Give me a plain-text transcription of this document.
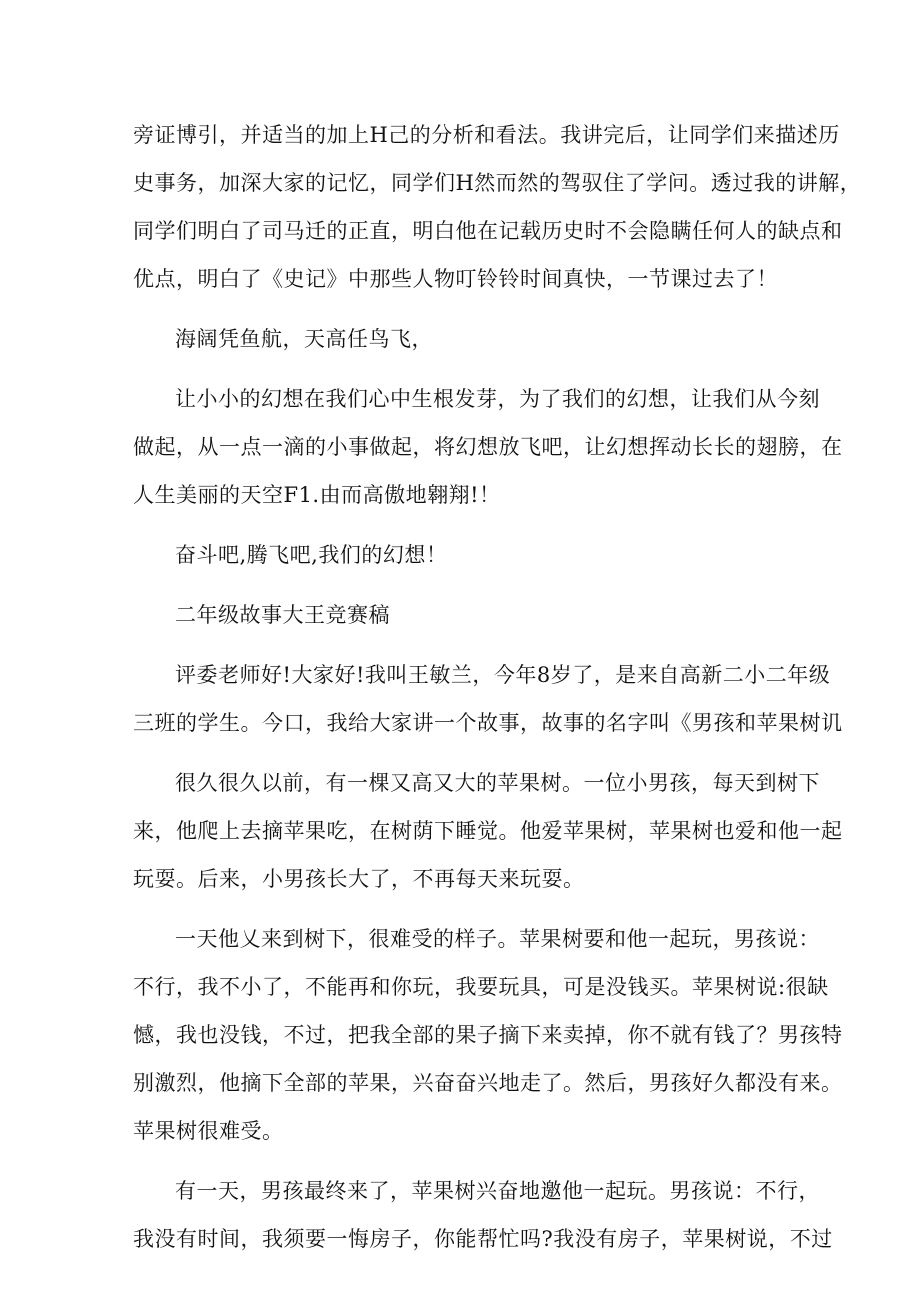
旁证博引，并适当的加上H己的分析和看法。我讲完后，让同学们来描述历
史事务，加深大家的记忆，同学们H然而然的驾驭住了学问。透过我的讲解，
同学们明白了司马迁的正直，明白他在记载历史时不会隐瞒任何人的缺点和
优点，明白了《史记》中那些人物叮铃铃时间真快，一节课过去了！
海阔凭鱼航，天高任鸟飞，
让小小的幻想在我们心中生根发芽，为了我们的幻想，让我们从今刻
做起，从一点一滴的小事做起，将幻想放飞吧，让幻想挥动长长的翅膀，在
人生美丽的天空F1.由而高傲地翱翔!！
奋斗吧,腾飞吧,我们的幻想！
二年级故事大王竞赛稿
评委老师好!大家好!我叫王敏兰，今年8岁了，是来自高新二小二年级
三班的学生。今口，我给大家讲一个故事，故事的名字叫《男孩和苹果树讥
很久很久以前，有一棵又高又大的苹果树。一位小男孩，每天到树下
来，他爬上去摘苹果吃，在树荫下睡觉。他爱苹果树，苹果树也爱和他一起
玩耍。后来，小男孩长大了，不再每天来玩耍。
一天他乂来到树下，很难受的样子。苹果树要和他一起玩，男孩说：
不行，我不小了，不能再和你玩，我要玩具，可是没钱买。苹果树说:很缺
憾，我也没钱，不过，把我全部的果子摘下来卖掉，你不就有钱了？男孩特
别激烈，他摘下全部的苹果，兴奋奋兴地走了。然后，男孩好久都没有来。
苹果树很难受。
有一天，男孩最终来了，苹果树兴奋地邀他一起玩。男孩说：不行，
我没有时间，我须要一悔房子，你能帮忙吗?我没有房子，苹果树说，不过
